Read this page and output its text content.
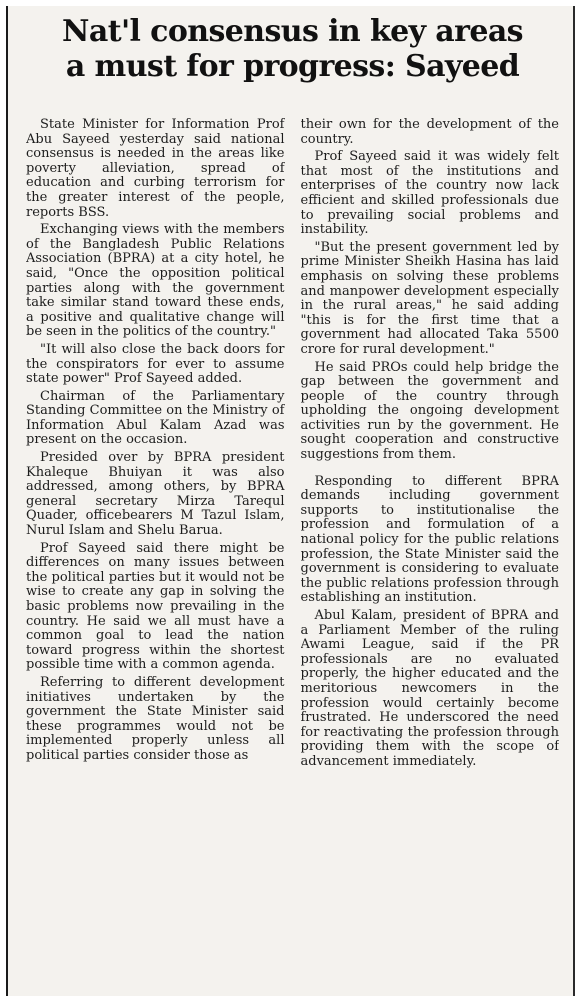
Nat'l consensus in key areas
a must for progress: Sayeed

State Minister for Information Prof Abu Sayeed yesterday said national consensus is needed in the areas like poverty alleviation, spread of education and curbing terrorism for the greater interest of the people, reports BSS.

Exchanging views with the members of the Bangladesh Public Relations Association (BPRA) at a city hotel, he said, "Once the opposition political parties along with the government take similar stand toward these ends, a positive and qualitative change will be seen in the politics of the country."

"It will also close the back doors for the conspirators for ever to assume state power" Prof Sayeed added.

Chairman of the Parliamentary Standing Committee on the Ministry of Information Abul Kalam Azad was present on the occasion.

Presided over by BPRA president Khaleque Bhuiyan it was also addressed, among others, by BPRA general secretary Mirza Tarequl Quader, officebearers M Tazul Islam, Nurul Islam and Shelu Barua.

Prof Sayeed said there might be differences on many issues between the political parties but it would not be wise to create any gap in solving the basic problems now prevailing in the country. He said we all must have a common goal to lead the nation toward progress within the shortest possible time with a common agenda.

Referring to different development initiatives undertaken by the government the State Minister said these programmes would not be implemented properly unless all political parties consider those as

their own for the development of the country.

Prof Sayeed said it was widely felt that most of the institutions and enterprises of the country now lack efficient and skilled professionals due to prevailing social problems and instability.

"But the present government led by prime Minister Sheikh Hasina has laid emphasis on solving these problems and manpower development especially in the rural areas," he said adding "this is for the first time that a government had allocated Taka 5500 crore for rural development."

He said PROs could help bridge the gap between the government and people of the country through upholding the ongoing development activities run by the government. He sought cooperation and constructive suggestions from them.

Responding to different BPRA demands including government supports to institutionalise the profession and formulation of a national policy for the public relations profession, the State Minister said the government is considering to evaluate the public relations profession through establishing an institution.

Abul Kalam, president of BPRA and a Parliament Member of the ruling Awami League, said if the PR professionals are no evaluated properly, the higher educated and the meritorious newcomers in the profession would certainly become frustrated. He underscored the need for reactivating the profession through providing them with the scope of advancement immediately.
